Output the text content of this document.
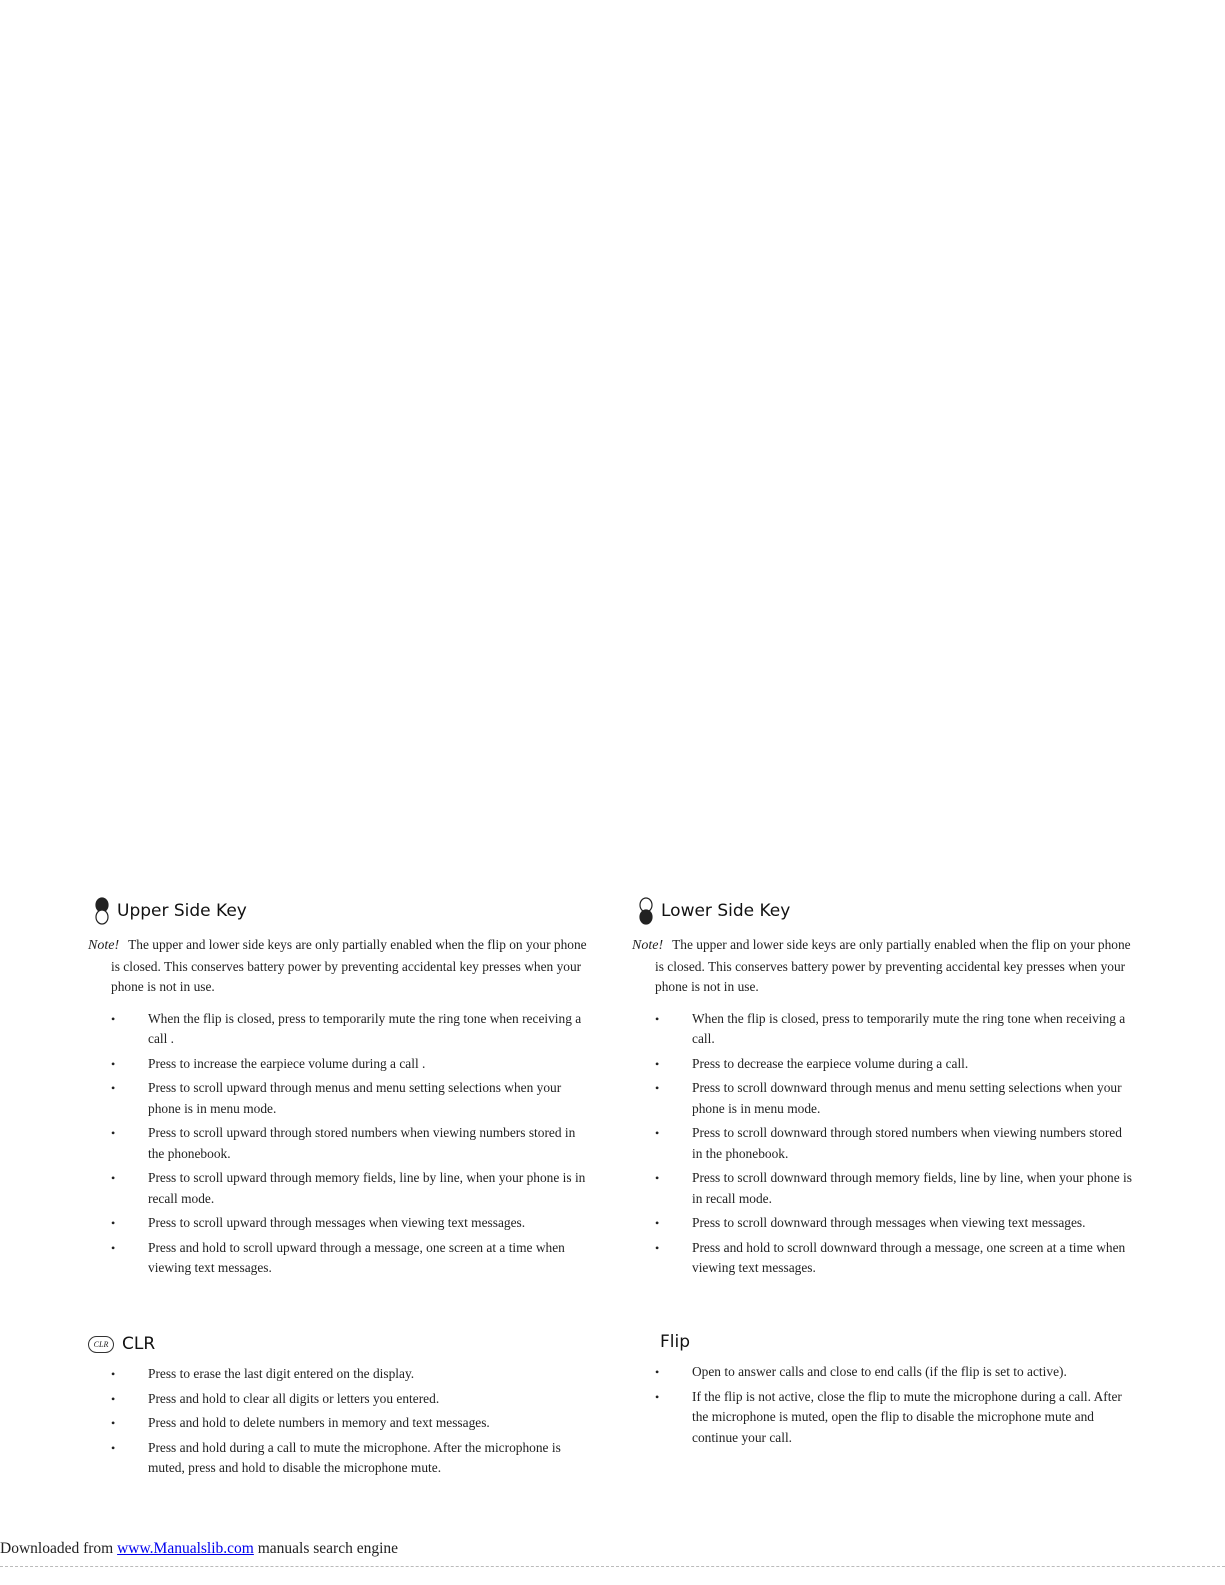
Upper Side Key
Note! The upper and lower side keys are only partially enabled when the flip on your phone is closed. This conserves battery power by preventing accidental key presses when your phone is not in use.
• When the flip is closed, press to temporarily mute the ring tone when receiving a call .
• Press to increase the earpiece volume during a call .
• Press to scroll upward through menus and menu setting selections when your phone is in menu mode.
• Press to scroll upward through stored numbers when viewing numbers stored in the phonebook.
• Press to scroll upward through memory fields, line by line, when your phone is in recall mode.
• Press to scroll upward through messages when viewing text messages.
• Press and hold to scroll upward through a message, one screen at a time when viewing text messages.
Lower Side Key
Note! The upper and lower side keys are only partially enabled when the flip on your phone is closed. This conserves battery power by preventing accidental key presses when your phone is not in use.
• When the flip is closed, press to temporarily mute the ring tone when receiving a call.
• Press to decrease the earpiece volume during a call.
• Press to scroll downward through menus and menu setting selections when your phone is in menu mode.
• Press to scroll downward through stored numbers when viewing numbers stored in the phonebook.
• Press to scroll downward through memory fields, line by line, when your phone is in recall mode.
• Press to scroll downward through messages when viewing text messages.
• Press and hold to scroll downward through a message, one screen at a time when viewing text messages.
CLR CLR
• Press to erase the last digit entered on the display.
• Press and hold to clear all digits or letters you entered.
• Press and hold to delete numbers in memory and text messages.
• Press and hold during a call to mute the microphone. After the microphone is muted, press and hold to disable the microphone mute.
Flip
• Open to answer calls and close to end calls (if the flip is set to active).
• If the flip is not active, close the flip to mute the microphone during a call. After the microphone is muted, open the flip to disable the microphone mute and continue your call.
Downloaded from www.Manualslib.com manuals search engine
